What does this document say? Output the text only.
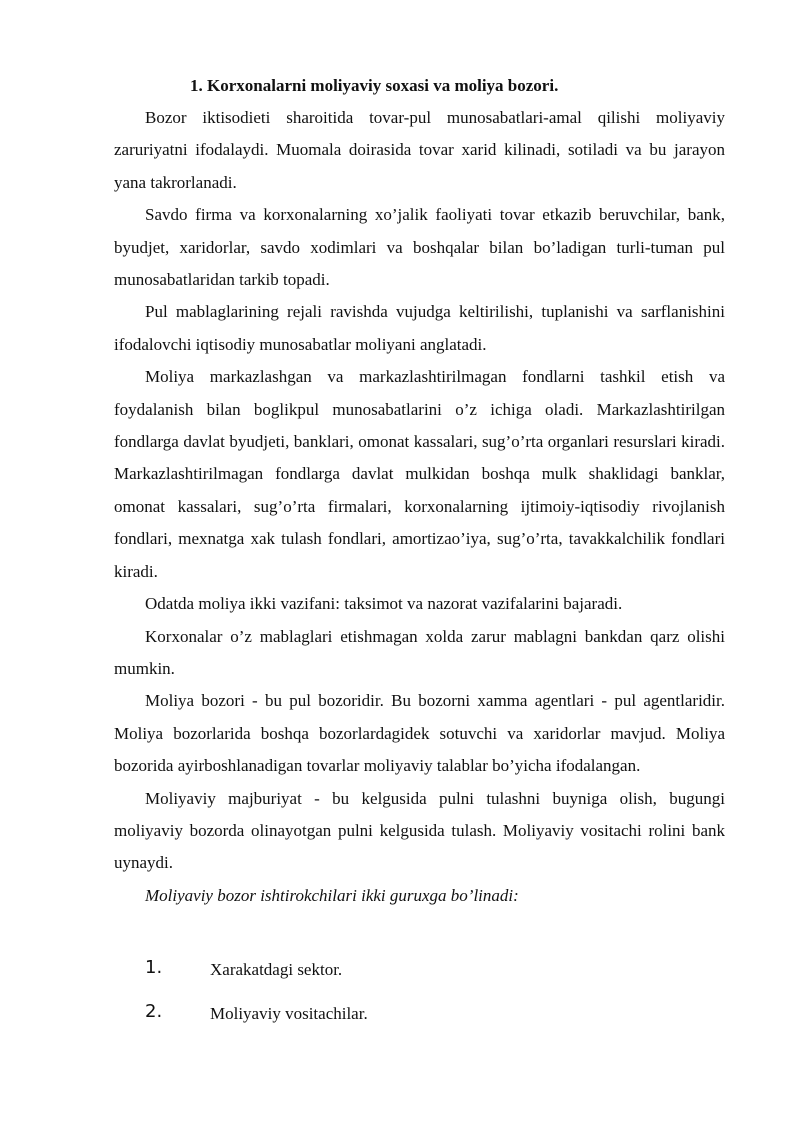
1. Korxonalarni moliyaviy soxasi va moliya bozori.

Bozor iktisodieti sharoitida tovar-pul munosabatlari-amal qilishi moliyaviy zaruriyatni ifodalaydi. Muomala doirasida tovar xarid kilinadi, sotiladi va bu jarayon yana takrorlanadi.

Savdo firma va korxonalarning xo’jalik faoliyati tovar etkazib beruvchilar, bank, byudjet, xaridorlar, savdo xodimlari va boshqalar bilan bo’ladigan turli-tuman pul munosabatlaridan tarkib topadi.

Pul mablaglarining rejali ravishda vujudga keltirilishi, tuplanishi va sarflanishini ifodalovchi iqtisodiy munosabatlar moliyani anglatadi.

Moliya markazlashgan va markazlashtirilmagan fondlarni tashkil etish va foydalanish bilan boglikpul munosabatlarini o’z ichiga oladi. Markazlashtirilgan fondlarga davlat byudjeti, banklari, omonat kassalari, sug’o’rta organlari resurslari kiradi. Markazlashtirilmagan fondlarga davlat mulkidan boshqa mulk shaklidagi banklar, omonat kassalari, sug’o’rta firmalari, korxonalarning ijtimoiy-iqtisodiy rivojlanish fondlari, mexnatga xak tulash fondlari, amortizao’iya, sug’o’rta, tavakkalchilik fondlari kiradi.

Odatda moliya ikki vazifani: taksimot va nazorat vazifalarini bajaradi.

Korxonalar o’z mablaglari etishmagan xolda zarur mablagni bankdan qarz olishi mumkin.

Moliya bozori - bu pul bozoridir. Bu bozorni xamma agentlari - pul agentlaridir. Moliya bozorlarida boshqa bozorlardagidek sotuvchi va xaridorlar mavjud. Moliya bozorida ayirboshlanadigan tovarlar moliyaviy talablar bo’yicha ifodalangan.

Moliyaviy majburiyat - bu kelgusida pulni tulashni buyniga olish, bugungi moliyaviy bozorda olinayotgan pulni kelgusida tulash. Moliyaviy vositachi rolini bank uynaydi.

Moliyaviy bozor ishtirokchilari ikki guruxga bo’linadi:

1.	Xarakatdagi sektor.
2.	Moliyaviy vositachilar.
